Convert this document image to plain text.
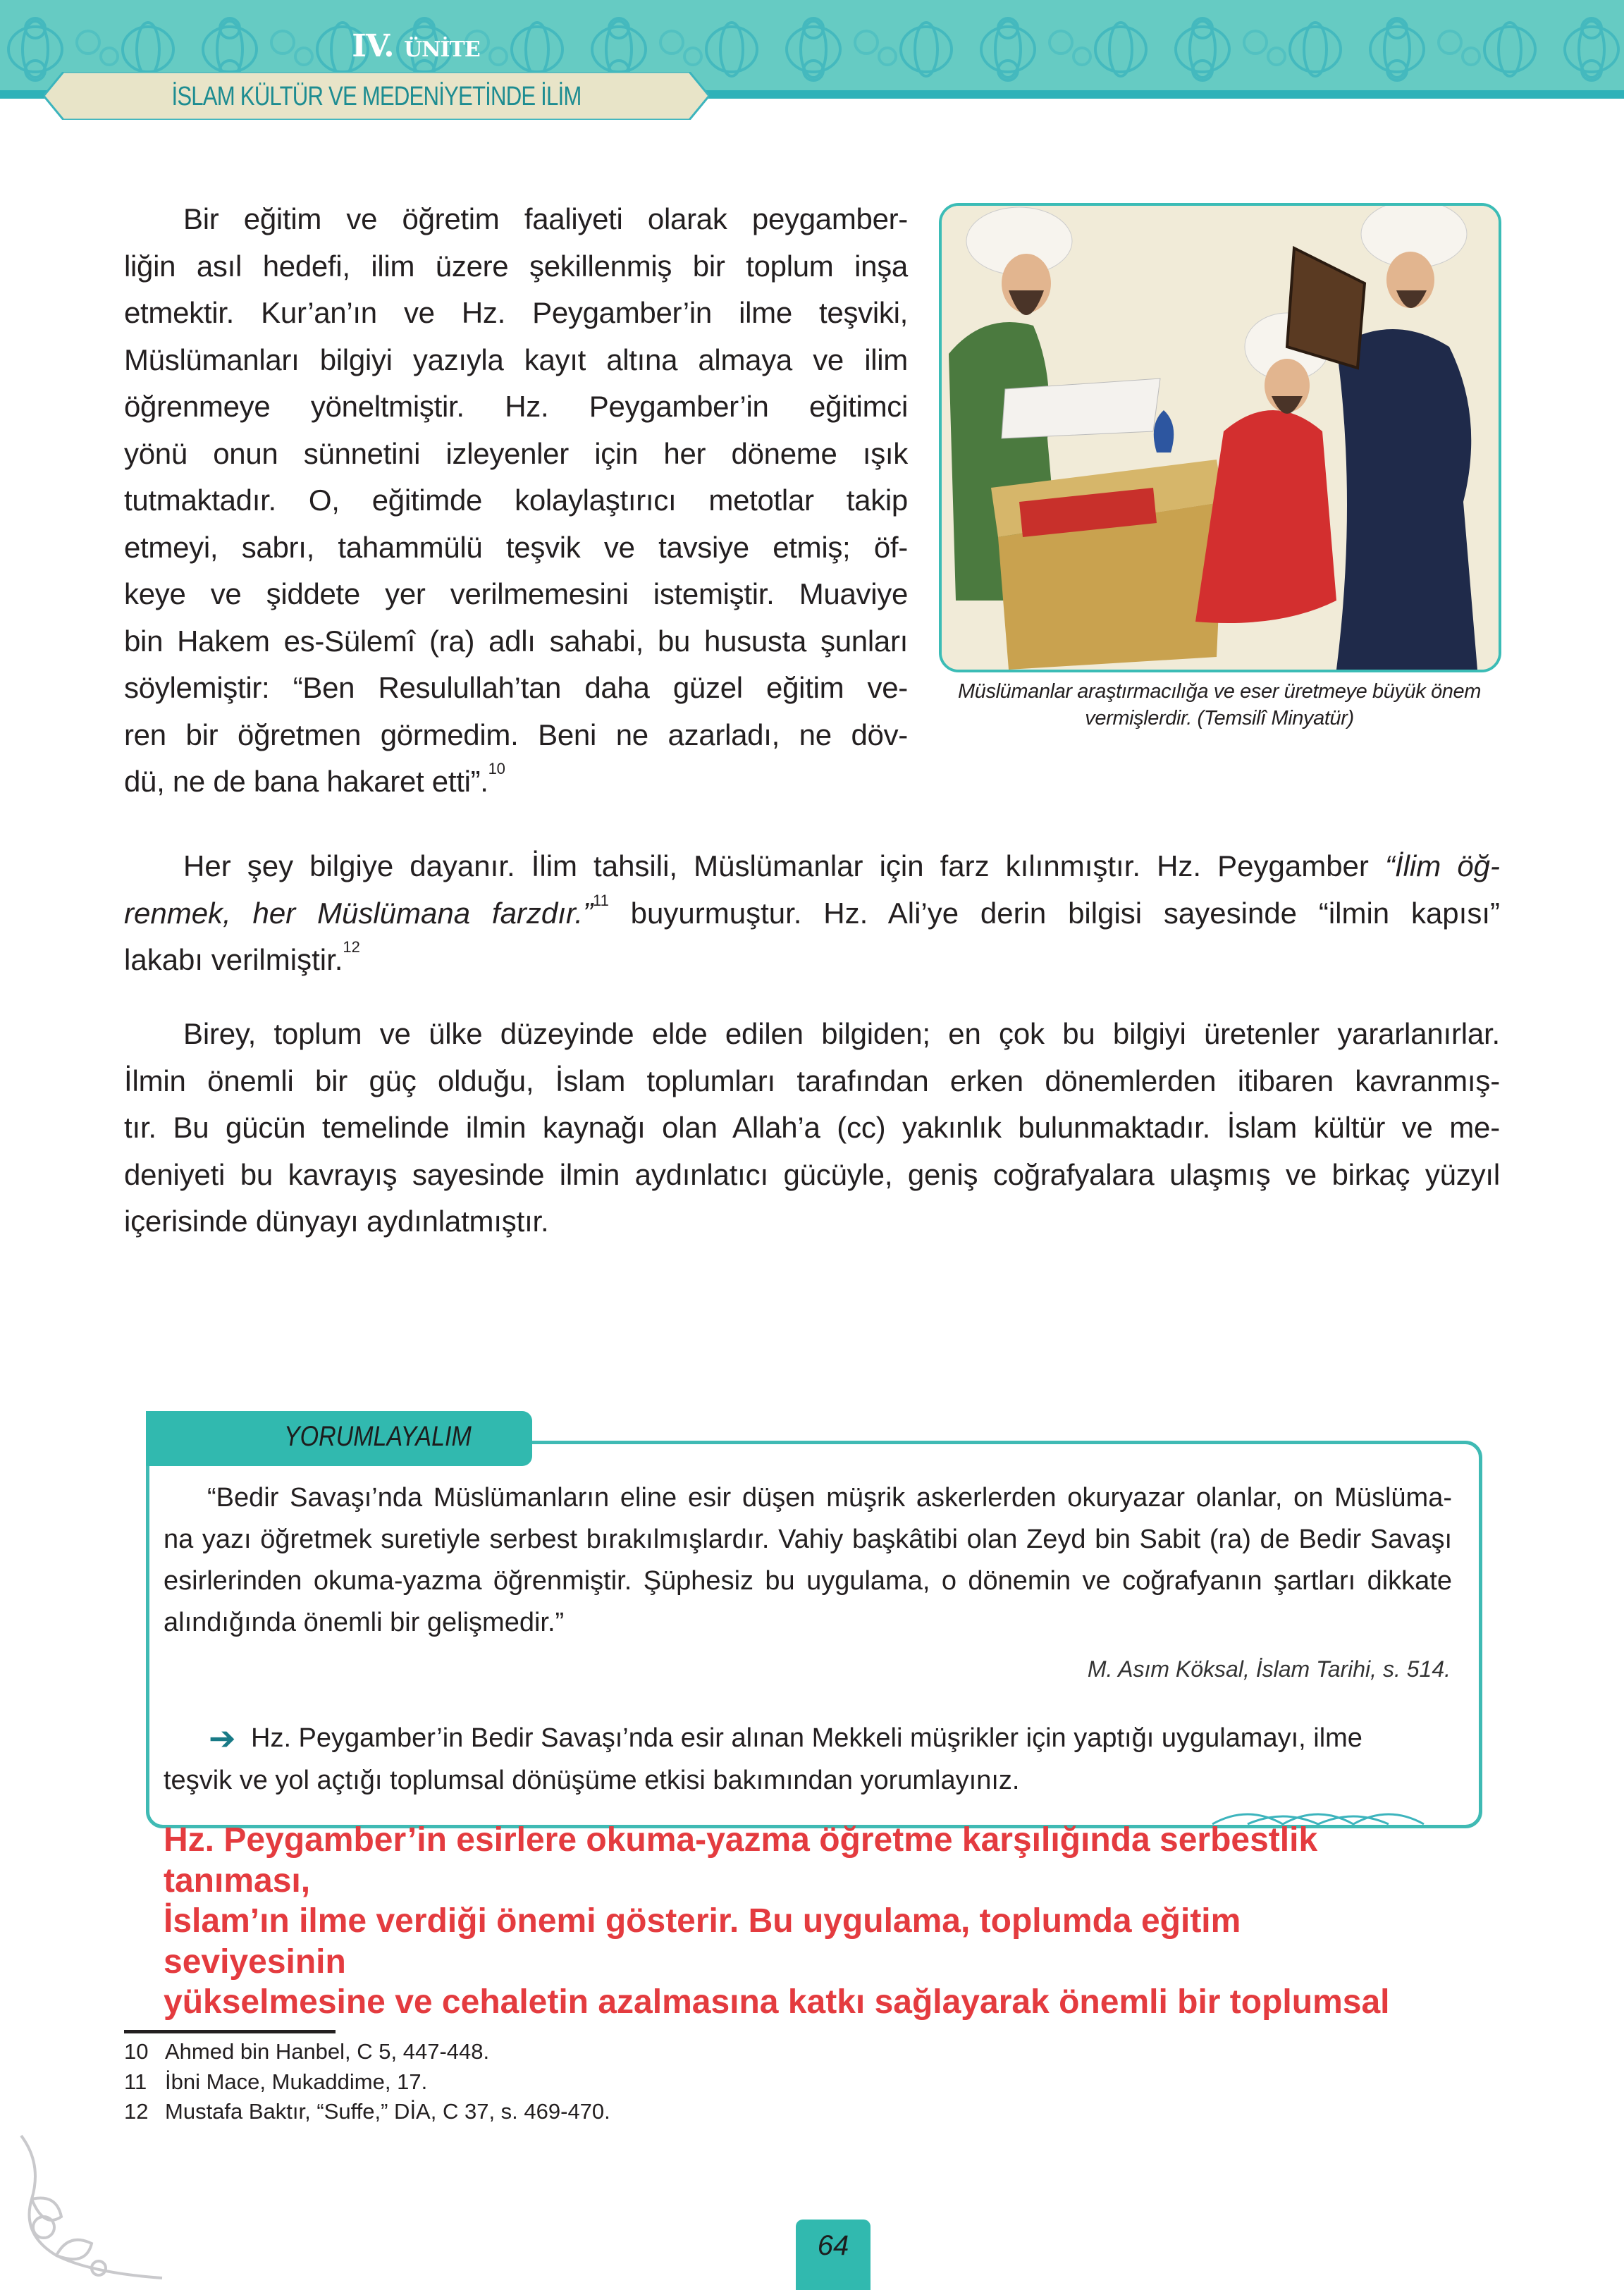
İSLAM KÜLTÜR VE MEDENİYETİNDE İLİM
IV. ÜNİTE
Bir eğitim ve öğretim faaliyeti olarak peygamber-
liğin asıl hedefi, ilim üzere şekillenmiş bir toplum inşa
etmektir. Kur’an’ın ve Hz. Peygamber’in ilme teşviki,
Müslümanları bilgiyi yazıyla kayıt altına almaya ve ilim
öğrenmeye yöneltmiştir. Hz. Peygamber’in eğitimci
yönü onun sünnetini izleyenler için her döneme ışık
tutmaktadır. O, eğitimde kolaylaştırıcı metotlar takip
etmeyi, sabrı, tahammülü teşvik ve tavsiye etmiş; öf-
keye ve şiddete yer verilmemesini istemiştir. Muaviye
bin Hakem es-Sülemî (ra) adlı sahabi, bu hususta şunları
söylemiştir: “Ben Resulullah’tan daha güzel eğitim ve-
ren bir öğretmen görmedim. Beni ne azarladı, ne döv-
dü, ne de bana hakaret etti”.$^{10}$
Müslümanlar araştırmacılığa ve eser üretmeye büyük önem
vermişlerdir. (Temsilî Minyatür)
Her şey bilgiye dayanır. İlim tahsili, Müslümanlar için farz kılınmıştır. Hz. Peygamber “İlim öğ-
renmek, her Müslümana farzdır.”$^{11}$ buyurmuştur. Hz. Ali’ye derin bilgisi sayesinde “ilmin kapısı”
lakabı verilmiştir.$^{12}$
Birey, toplum ve ülke düzeyinde elde edilen bilgiden; en çok bu bilgiyi üretenler yararlanırlar.
İlmin önemli bir güç olduğu, İslam toplumları tarafından erken dönemlerden itibaren kavranmış-
tır. Bu gücün temelinde ilmin kaynağı olan Allah’a (cc) yakınlık bulunmaktadır. İslam kültür ve me-
deniyeti bu kavrayış sayesinde ilmin aydınlatıcı gücüyle, geniş coğrafyalara ulaşmış ve birkaç yüzyıl
içerisinde dünyayı aydınlatmıştır.
YORUMLAYALIM
“Bedir Savaşı’nda Müslümanların eline esir düşen müşrik askerlerden okuryazar olanlar, on Müslüma-
na yazı öğretmek suretiyle serbest bırakılmışlardır. Vahiy başkâtibi olan Zeyd bin Sabit (ra) de Bedir Savaşı
esirlerinden okuma-yazma öğrenmiştir. Şüphesiz bu uygulama, o dönemin ve coğrafyanın şartları dikkate
alındığında önemli bir gelişmedir.”
M. Asım Köksal, İslam Tarihi, s. 514.
➔ Hz. Peygamber’in Bedir Savaşı’nda esir alınan Mekkeli müşrikler için yaptığı uygulamayı, ilme
teşvik ve yol açtığı toplumsal dönüşüme etkisi bakımından yorumlayınız.
Hz. Peygamber’in esirlere okuma-yazma öğretme karşılığında serbestlik
tanıması,
İslam’ın ilme verdiği önemi gösterir. Bu uygulama, toplumda eğitim
seviyesinin
yükselmesine ve cehaletin azalmasına katkı sağlayarak önemli bir toplumsal
10 Ahmed bin Hanbel, C 5, 447-448.
11 İbni Mace, Mukaddime, 17.
12 Mustafa Baktır, “Suffe,” DİA, C 37, s. 469-470.
64
